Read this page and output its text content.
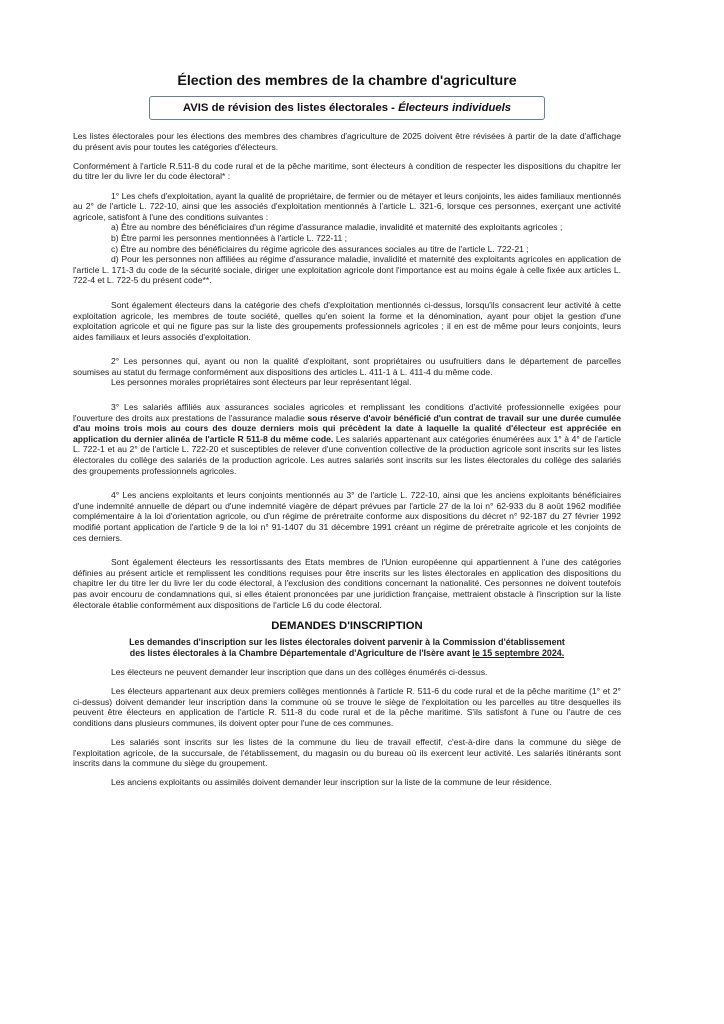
Élection des membres de la chambre d'agriculture
AVIS de révision des listes électorales - Électeurs individuels

Les listes électorales pour les élections des membres des chambres d'agriculture de 2025 doivent être révisées à partir de la date d'affichage du présent avis pour toutes les catégories d'électeurs.

Conformément à l'article R.511-8 du code rural et de la pêche maritime, sont électeurs à condition de respecter les dispositions du chapitre Ier du titre Ier du livre Ier du code électoral* :

1° Les chefs d'exploitation, ayant la qualité de propriétaire, de fermier ou de métayer et leurs conjoints, les aides familiaux mentionnés au 2° de l'article L. 722-10, ainsi que les associés d'exploitation mentionnés à l'article L. 321-6, lorsque ces personnes, exerçant une activité agricole, satisfont à l'une des conditions suivantes :
a) Être au nombre des bénéficiaires d'un régime d'assurance maladie, invalidité et maternité des exploitants agricoles ;
b) Être parmi les personnes mentionnées à l'article L. 722-11 ;
c) Être au nombre des bénéficiaires du régime agricole des assurances sociales au titre de l'article L. 722-21 ;

d) Pour les personnes non affiliées au régime d'assurance maladie, invalidité et maternité des exploitants agricoles en application de l'article L. 171-3 du code de la sécurité sociale, diriger une exploitation agricole dont l'importance est au moins égale à celle fixée aux articles L. 722-4 et L. 722-5 du présent code**.

Sont également électeurs dans la catégorie des chefs d'exploitation mentionnés ci-dessus, lorsqu'ils consacrent leur activité à cette exploitation agricole, les membres de toute société, quelles qu'en soient la forme et la dénomination, ayant pour objet la gestion d'une exploitation agricole et qui ne figure pas sur la liste des groupements professionnels agricoles ; il en est de même pour leurs conjoints, leurs aides familiaux et leurs associés d'exploitation.

2° Les personnes qui, ayant ou non la qualité d'exploitant, sont propriétaires ou usufruitiers dans le département de parcelles soumises au statut du fermage conformément aux dispositions des articles L. 411-1 à L. 411-4 du même code.

Les personnes morales propriétaires sont électeurs par leur représentant légal.

3° Les salariés affiliés aux assurances sociales agricoles et remplissant les conditions d'activité professionnelle exigées pour l'ouverture des droits aux prestations de l'assurance maladie sous réserve d'avoir bénéficié d'un contrat de travail sur une durée cumulée d'au moins trois mois au cours des douze derniers mois qui précèdent la date à laquelle la qualité d'électeur est appréciée en application du dernier alinéa de l'article R 511-8 du même code. Les salariés appartenant aux catégories énumérées aux 1° à 4° de l'article L. 722-1 et au 2° de l'article L. 722-20 et susceptibles de relever d'une convention collective de la production agricole sont inscrits sur les listes électorales du collège des salariés de la production agricole. Les autres salariés sont inscrits sur les listes électorales du collège des salariés des groupements professionnels agricoles.

4° Les anciens exploitants et leurs conjoints mentionnés au 3° de l'article L. 722-10, ainsi que les anciens exploitants bénéficiaires d'une indemnité annuelle de départ ou d'une indemnité viagère de départ prévues par l'article 27 de la loi n° 62-933 du 8 août 1962 modifiée complémentaire à la loi d'orientation agricole, ou d'un régime de préretraite conforme aux dispositions du décret n° 92-187 du 27 février 1992 modifié portant application de l'article 9 de la loi n° 91-1407 du 31 décembre 1991 créant un régime de préretraite agricole et les conjoints de ces derniers.

Sont également électeurs les ressortissants des Etats membres de l'Union européenne qui appartiennent à l'une des catégories définies au présent article et remplissent les conditions requises pour être inscrits sur les listes électorales en application des dispositions du chapitre Ier du titre Ier du livre Ier du code électoral, à l'exclusion des conditions concernant la nationalité. Ces personnes ne doivent toutefois pas avoir encouru de condamnations qui, si elles étaient prononcées par une juridiction française, mettraient obstacle à l'inscription sur la liste électorale établie conformément aux dispositions de l'article L6 du code électoral.

DEMANDES D'INSCRIPTION
Les demandes d'inscription sur les listes électorales doivent parvenir à la Commission d'établissement
des listes électorales à la Chambre Départementale d'Agriculture de l'Isère avant le 15 septembre 2024.

Les électeurs ne peuvent demander leur inscription que dans un des collèges énumérés ci-dessus.

Les électeurs appartenant aux deux premiers collèges mentionnés à l'article R. 511-6 du code rural et de la pêche maritime (1° et 2° ci-dessus) doivent demander leur inscription dans la commune où se trouve le siège de l'exploitation ou les parcelles au titre desquelles ils peuvent être électeurs en application de l'article R. 511-8 du code rural et de la pêche maritime. S'ils satisfont à l'une ou l'autre de ces conditions dans plusieurs communes, ils doivent opter pour l'une de ces communes.

Les salariés sont inscrits sur les listes de la commune du lieu de travail effectif, c'est-à-dire dans la commune du siège de l'exploitation agricole, de la succursale, de l'établissement, du magasin ou du bureau où ils exercent leur activité. Les salariés itinérants sont inscrits dans la commune du siège du groupement.

Les anciens exploitants ou assimilés doivent demander leur inscription sur la liste de la commune de leur résidence.
